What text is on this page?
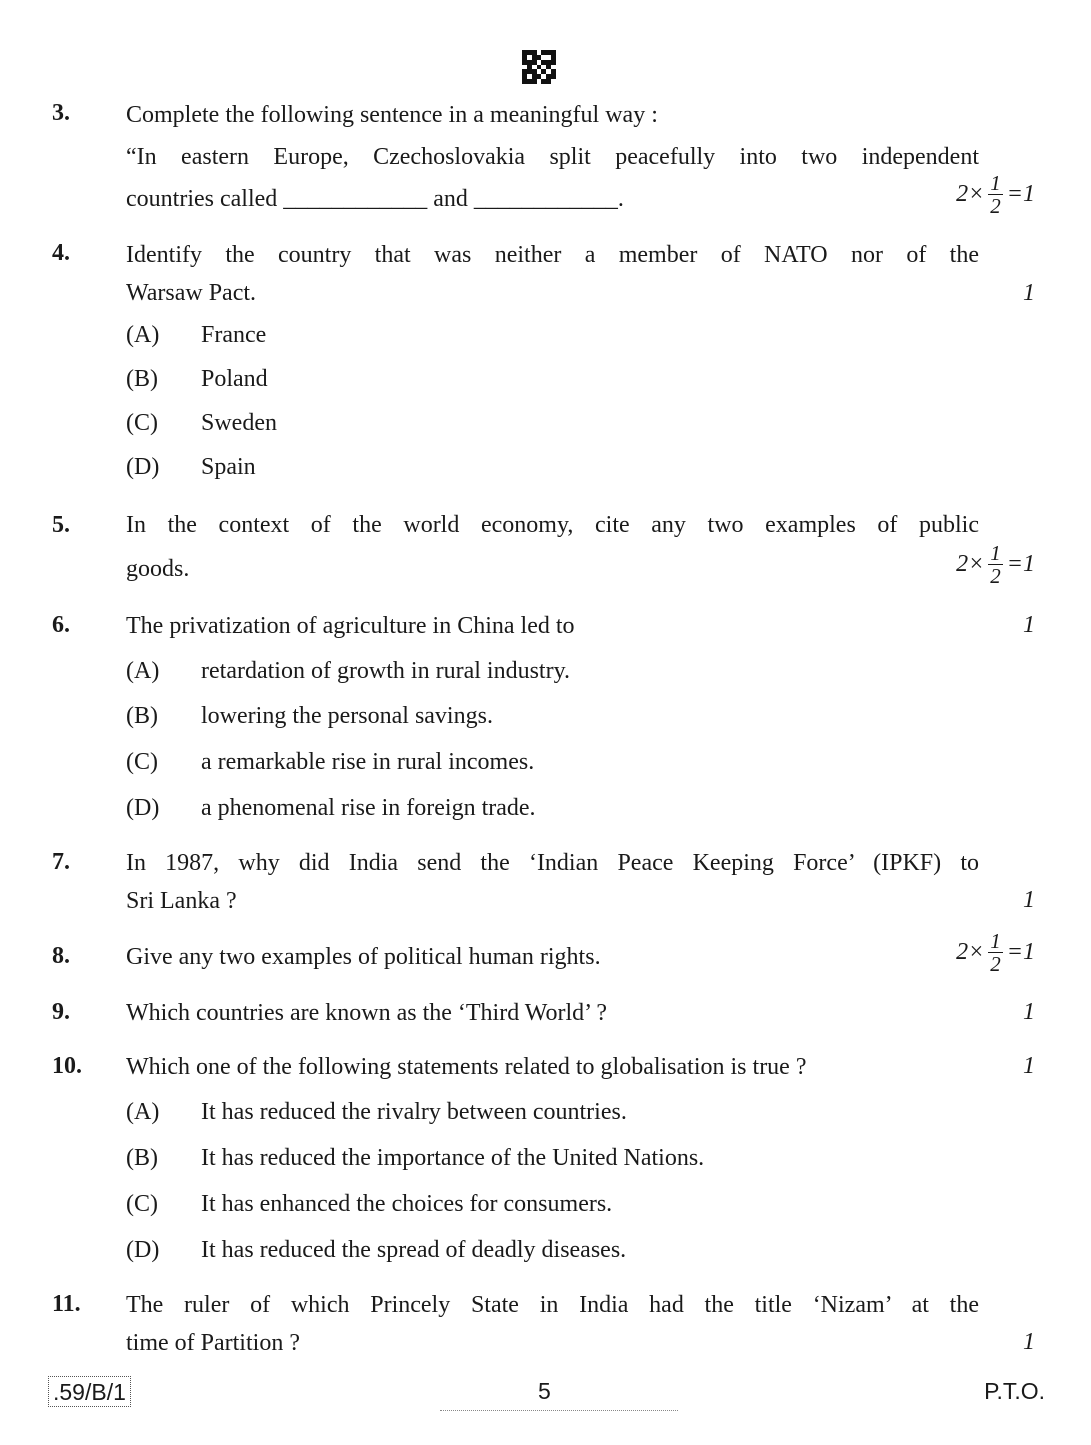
3. Complete the following sentence in a meaningful way :
“In eastern Europe, Czechoslovakia split peacefully into two independent
countries called ____________ and ____________.	$2\times \frac{1}{2} =1$
4. Identify the country that was neither a member of NATO nor of the
Warsaw Pact.	1
(A) France
(B) Poland
(C) Sweden
(D) Spain
5. In the context of the world economy, cite any two examples of public
goods.	$2\times \frac{1}{2} =1$
6. The privatization of agriculture in China led to	1
(A) retardation of growth in rural industry.
(B) lowering the personal savings.
(C) a remarkable rise in rural incomes.
(D) a phenomenal rise in foreign trade.
7. In 1987, why did India send the ‘Indian Peace Keeping Force’ (IPKF) to
Sri Lanka ?	1
8. Give any two examples of political human rights.	$2\times \frac{1}{2} =1$
9. Which countries are known as the ‘Third World’ ?	1
10. Which one of the following statements related to globalisation is true ?	1
(A) It has reduced the rivalry between countries.
(B) It has reduced the importance of the United Nations.
(C) It has enhanced the choices for consumers.
(D) It has reduced the spread of deadly diseases.
11. The ruler of which Princely State in India had the title ‘Nizam’ at the
time of Partition ?	1
.59/B/1	5	P.T.O.
